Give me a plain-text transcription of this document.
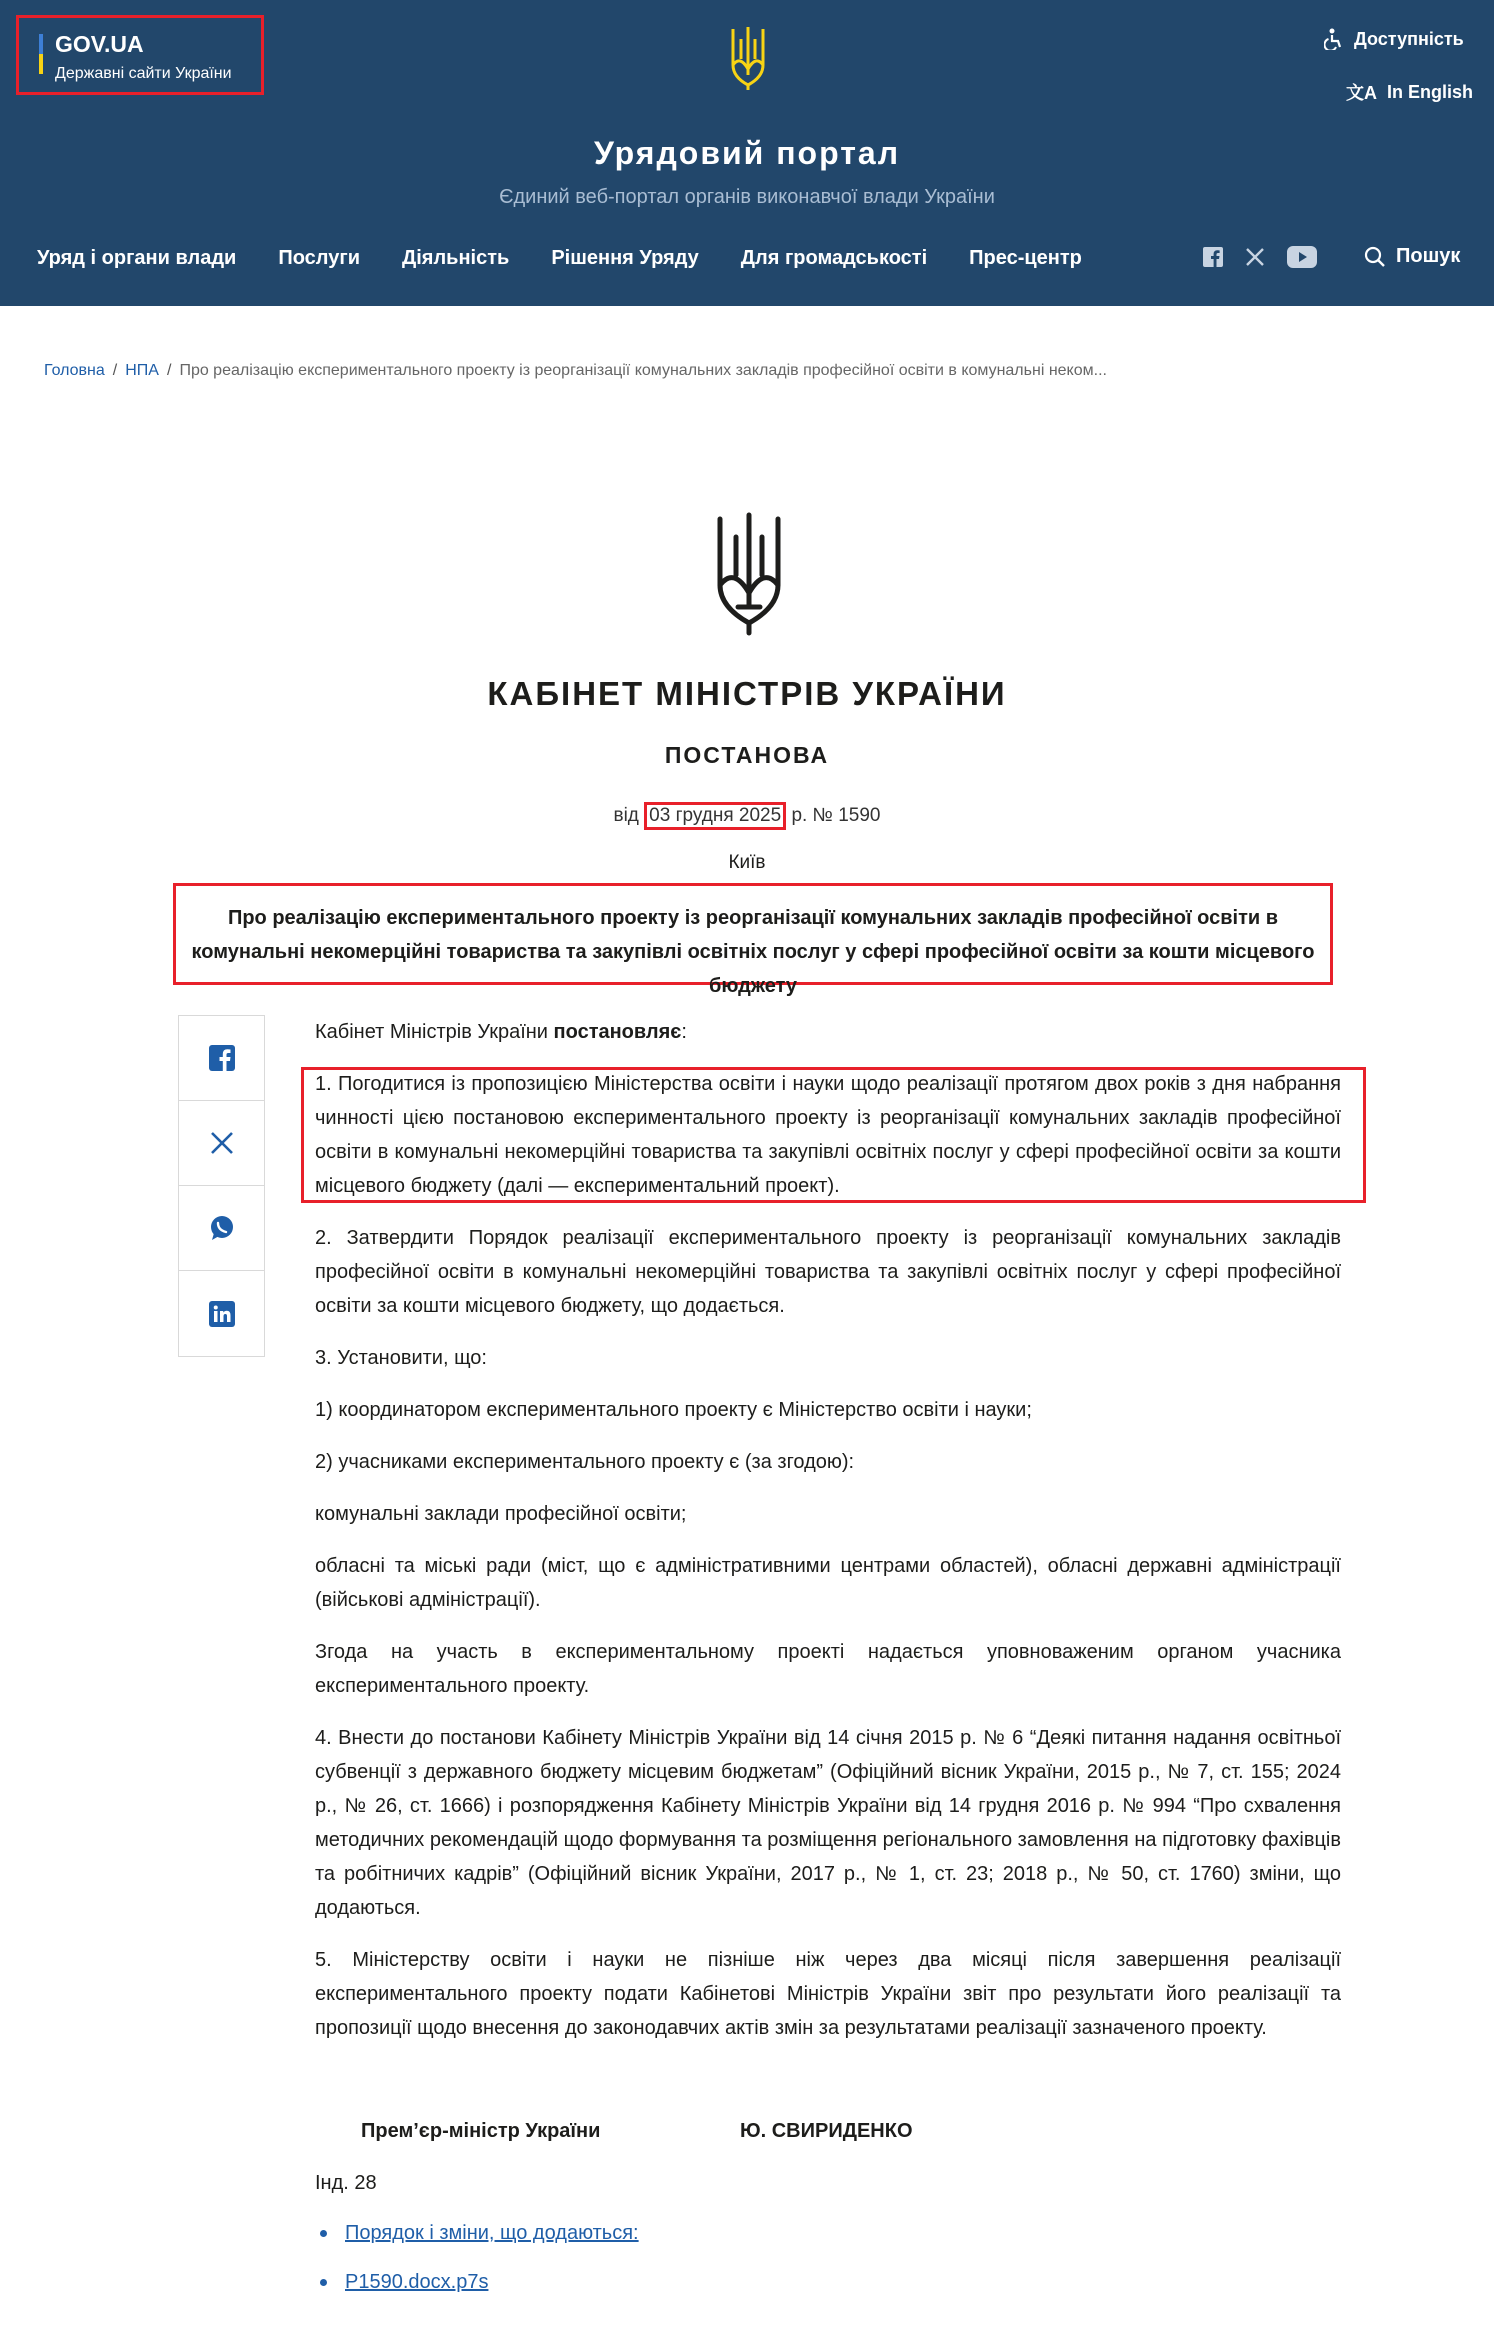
GOV.UA
Державні сайти України
Доступність
文A In English
Урядовий портал
Єдиний веб-портал органів виконавчої влади України
Уряд і органи влади Послуги Діяльність Рішення Уряду Для громадськості Прес-центр	Пошук
Головна / НПА / Про реалізацію експериментального проекту із реорганізації комунальних закладів професійної освіти в комунальні неком...
КАБІНЕТ МІНІСТРІВ УКРАЇНИ
ПОСТАНОВА
від 03 грудня 2025 р. № 1590
Київ
Про реалізацію експериментального проекту із реорганізації комунальних закладів професійної освіти в комунальні некомерційні товариства та закупівлі освітніх послуг у сфері професійної освіти за кошти місцевого бюджету

Кабінет Міністрів України постановляє:

1. Погодитися із пропозицією Міністерства освіти і науки щодо реалізації протягом двох років з дня набрання чинності цією постановою експериментального проекту із реорганізації комунальних закладів професійної освіти в комунальні некомерційні товариства та закупівлі освітніх послуг у сфері професійної освіти за кошти місцевого бюджету (далі — експериментальний проект).

2. Затвердити Порядок реалізації експериментального проекту із реорганізації комунальних закладів професійної освіти в комунальні некомерційні товариства та закупівлі освітніх послуг у сфері професійної освіти за кошти місцевого бюджету, що додається.

3. Установити, що:

1) координатором експериментального проекту є Міністерство освіти і науки;

2) учасниками експериментального проекту є (за згодою):

комунальні заклади професійної освіти;

обласні та міські ради (міст, що є адміністративними центрами областей), обласні державні адміністрації (військові адміністрації).

Згода на участь в експериментальному проекті надається уповноваженим органом учасника експериментального проекту.

4. Внести до постанови Кабінету Міністрів України від 14 січня 2015 р. № 6 “Деякі питання надання освітньої субвенції з державного бюджету місцевим бюджетам” (Офіційний вісник України, 2015 р., № 7, ст. 155; 2024 р., № 26, ст. 1666) і розпорядження Кабінету Міністрів України від 14 грудня 2016 р. № 994 “Про схвалення методичних рекомендацій щодо формування та розміщення регіонального замовлення на підготовку фахівців та робітничих кадрів” (Офіційний вісник України, 2017 р., № 1, ст. 23; 2018 р., № 50, ст. 1760) зміни, що додаються.

5. Міністерству освіти і науки не пізніше ніж через два місяці після завершення реалізації експериментального проекту подати Кабінетові Міністрів України звіт про результати його реалізації та пропозиції щодо внесення до законодавчих актів змін за результатами реалізації зазначеного проекту.

Прем’єр-міністр України	Ю. СВИРИДЕНКО
Інд. 28
Порядок і зміни, що додаються:
P1590.docx.p7s
